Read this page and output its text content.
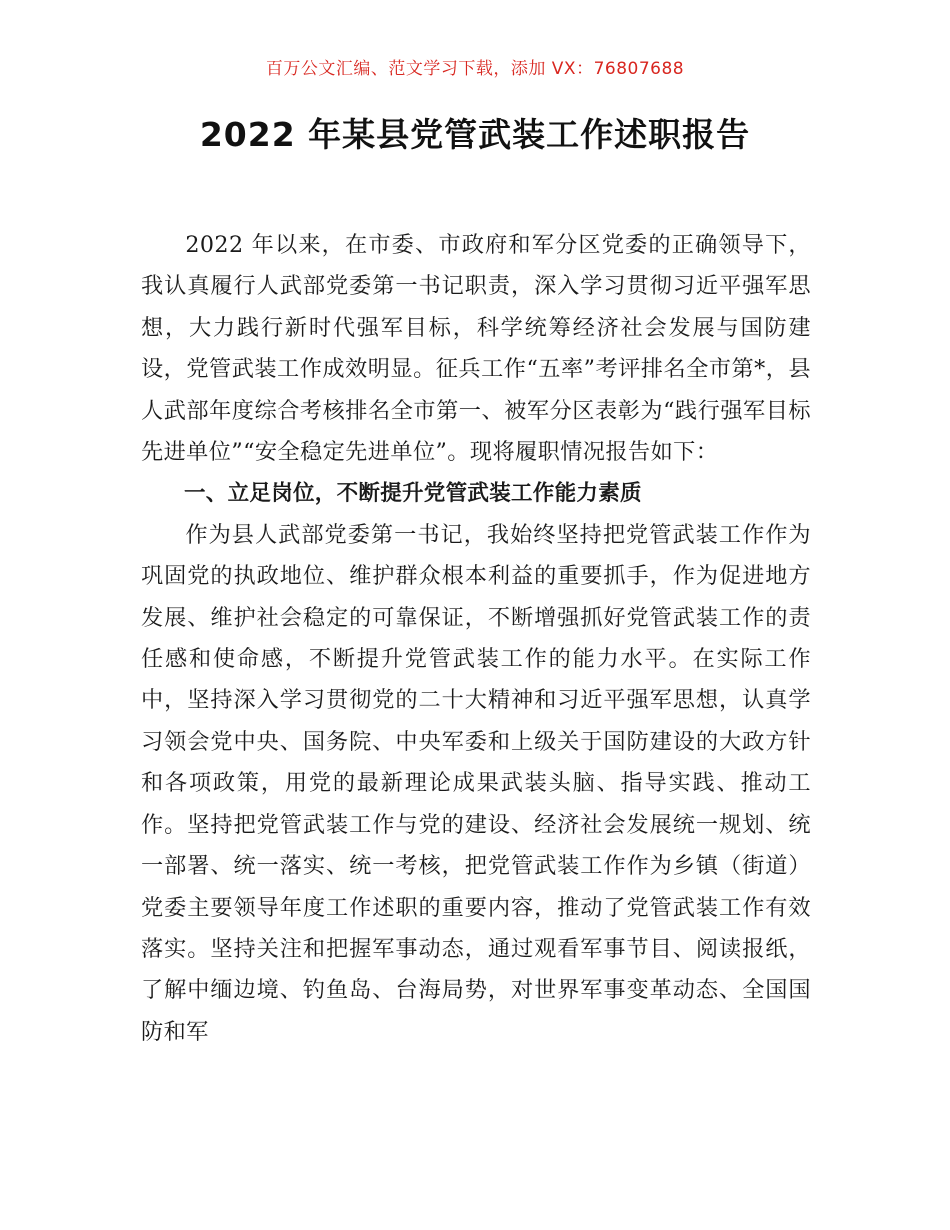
百万公文汇编、范文学习下载，添加 VX：76807688
2022 年某县党管武装工作述职报告

2022 年以来，在市委、市政府和军分区党委的正确领导下，我认真履行人武部党委第一书记职责，深入学习贯彻习近平强军思想，大力践行新时代强军目标，科学统筹经济社会发展与国防建设，党管武装工作成效明显。征兵工作“五率”考评排名全市第*，县人武部年度综合考核排名全市第一、被军分区表彰为“践行强军目标先进单位”“安全稳定先进单位”。现将履职情况报告如下：

一、立足岗位，不断提升党管武装工作能力素质

作为县人武部党委第一书记，我始终坚持把党管武装工作作为巩固党的执政地位、维护群众根本利益的重要抓手，作为促进地方发展、维护社会稳定的可靠保证，不断增强抓好党管武装工作的责任感和使命感，不断提升党管武装工作的能力水平。在实际工作中，坚持深入学习贯彻党的二十大精神和习近平强军思想，认真学习领会党中央、国务院、中央军委和上级关于国防建设的大政方针和各项政策，用党的最新理论成果武装头脑、指导实践、推动工作。坚持把党管武装工作与党的建设、经济社会发展统一规划、统一部署、统一落实、统一考核，把党管武装工作作为乡镇（街道）党委主要领导年度工作述职的重要内容，推动了党管武装工作有效落实。坚持关注和把握军事动态，通过观看军事节目、阅读报纸，了解中缅边境、钓鱼岛、台海局势，对世界军事变革动态、全国国防和军
